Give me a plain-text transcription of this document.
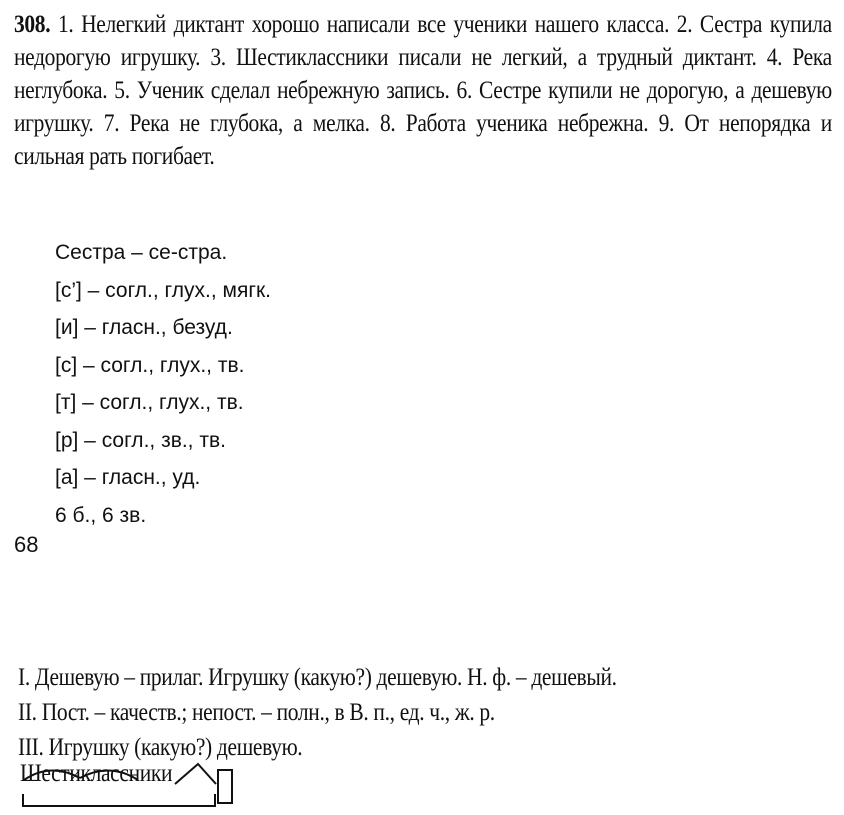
308. 1. Нелегкий диктант хорошо написали все ученики нашего класса. 2. Сестра купила недорогую игрушку. 3. Шестиклассники писали не легкий, а трудный диктант. 4. Река неглубока. 5. Ученик сделал небрежную запись. 6. Сестре купили не дорогую, а дешевую игрушку. 7. Река не глубока, а мелка. 8. Работа ученика небрежна. 9. От непорядка и сильная рать погибает.
Сестра – се-стра.
[с’] – согл., глух., мягк.
[и] – гласн., безуд.
[с] – согл., глух., тв.
[т] – согл., глух., тв.
[р] – согл., зв., тв.
[а] – гласн., уд.
6 б., 6 зв.
68
I. Дешевую – прилаг. Игрушку (какую?) дешевую. Н. ф. – дешевый.
II. Пост. – качеств.; непост. – полн., в В. п., ед. ч., ж. р.
III. Игрушку (какую?) дешевую.
Шестиклассники
